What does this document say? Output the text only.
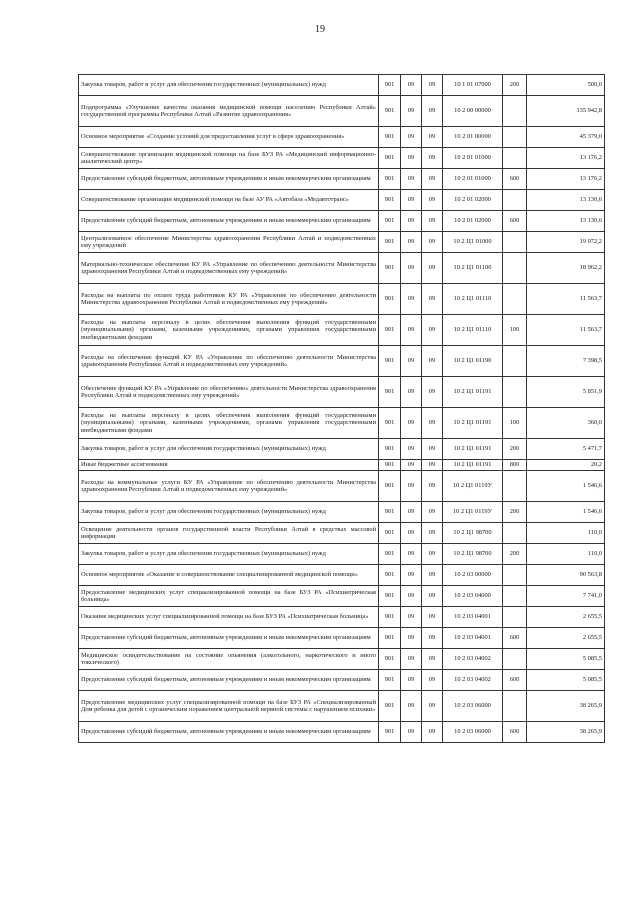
19
Закупка товаров, работ и услуг для обеспечения государственных (муниципальных) нужд	901	09	09	10 1 01 07000	200	500,0
Подпрограмма «Улучшение качества оказания медицинской помощи населению Республики Алтай» государственной программы Республики Алтай «Развитие здравоохранения»	901	09	09	10 2 00 00000		135 942,8
Основное мероприятие «Создание условий для предоставления услуг в сфере здравоохранения»	901	09	09	10 2 01 00000		45 379,0
Совершенствование организации медицинской помощи на базе БУЗ РА «Медицинский информационно-аналитический центр»	901	09	09	10 2 01 01000		13 176,2
Предоставление субсидий бюджетным, автономным учреждениям и иным некоммерческим организациям	901	09	09	10 2 01 01000	600	13 176,2
Совершенствование организации медицинской помощи на базе АУ РА «Автобаза «Медавтотранс»	901	09	09	10 2 01 02000		13 130,6
Предоставление субсидий бюджетным, автономным учреждениям и иным некоммерческим организациям	901	09	09	10 2 01 02000	600	13 130,6
Централизованное обеспечение Министерства здравоохранения Республики Алтай и подведомственных ему учреждений	901	09	09	10 2 Ц1 01000		19 072,2
Материально-техническое обеспечение КУ РА «Управление по обеспечению деятельности Министерства здравоохранения Республики Алтай и подведомственных ему учреждений»	901	09	09	10 2 Ц1 01100		18 962,2
Расходы на выплаты по оплате труда работников КУ РА «Управление по обеспечению деятельности Министерства здравоохранения Республики Алтай и подведомственных ему учреждений»	901	09	09	10 2 Ц1 01110		11 563,7
Расходы на выплаты персоналу в целях обеспечения выполнения функций государственными (муниципальными) органами, казенными учреждениями, органами управления государственными внебюджетными фондами	901	09	09	10 2 Ц1 01110	100	11 563,7
Расходы на обеспечение функций КУ РА «Управление по обеспечению деятельности Министерства здравоохранения Республики Алтай и подведомственных ему учреждений»	901	09	09	10 2 Ц1 01190		7 398,5
Обеспечение функций КУ РА «Управление по обеспечению» деятельности Министерства здравоохранения Республики Алтай и подведомственных ему учреждений»	901	09	09	10 2 Ц1 01191		5 851,9
Расходы на выплаты персоналу в целях обеспечения выполнения функций государственными (муниципальными) органами, казенными учреждениями, органами управления государственными внебюджетными фондами	901	09	09	10 2 Ц1 01191	100	360,0
Закупка товаров, работ и услуг для обеспечения государственных (муниципальных) нужд	901	09	09	10 2 Ц1 01191	200	5 471,7
Иные бюджетные ассигнования	901	09	09	10 2 Ц1 01191	800	20,2
Расходы на коммунальные услуги КУ РА «Управление по обеспечению деятельности Министерства здравоохранения Республики Алтай и подведомственных ему учреждений»	901	09	09	10 2 Ц1 0119У		1 546,6
Закупка товаров, работ и услуг для обеспечения государственных (муниципальных) нужд	901	09	09	10 2 Ц1 0119У	200	1 546,6
Освещение деятельности органов государственной власти Республики Алтай в средствах массовой информации	901	09	09	10 2 Ц1 98700		110,0
Закупка товаров, работ и услуг для обеспечения государственных (муниципальных) нужд	901	09	09	10 2 Ц1 98700	200	110,0
Основное мероприятие «Оказание и совершенствование специализированной медицинской помощи»	901	09	09	10 2 03 00000		90 563,8
Предоставление медицинских услуг специализированной помощи на базе БУЗ РА «Психиатрическая больница»	901	09	09	10 2 03 04000		7 741,0
Оказание медицинских услуг специализированной помощи на базе БУЗ РА «Психиатрическая больница»	901	09	09	10 2 03 04001		2 655,5
Предоставление субсидий бюджетным, автономным учреждениям и иным некоммерческим организациям	901	09	09	10 2 03 04001	600	2 655,5
Медицинское освидетельствование на состояние опьянения (алкогольного, наркотического и иного токсического)	901	09	09	10 2 03 04002		5 085,5
Предоставление субсидий бюджетным, автономным учреждениям и иным некоммерческим организациям	901	09	09	10 2 03 04002	600	5 085,5
Предоставление медицинских услуг специализированной помощи на базе БУЗ РА «Специализированный Дом ребенка для детей с органическим поражением центральной нервной системы с нарушением психики»	901	09	09	10 2 03 06000		38 265,9
Предоставление субсидий бюджетным, автономным учреждениям и иным некоммерческим организациям	901	09	09	10 2 03 06000	600	38 265,9
